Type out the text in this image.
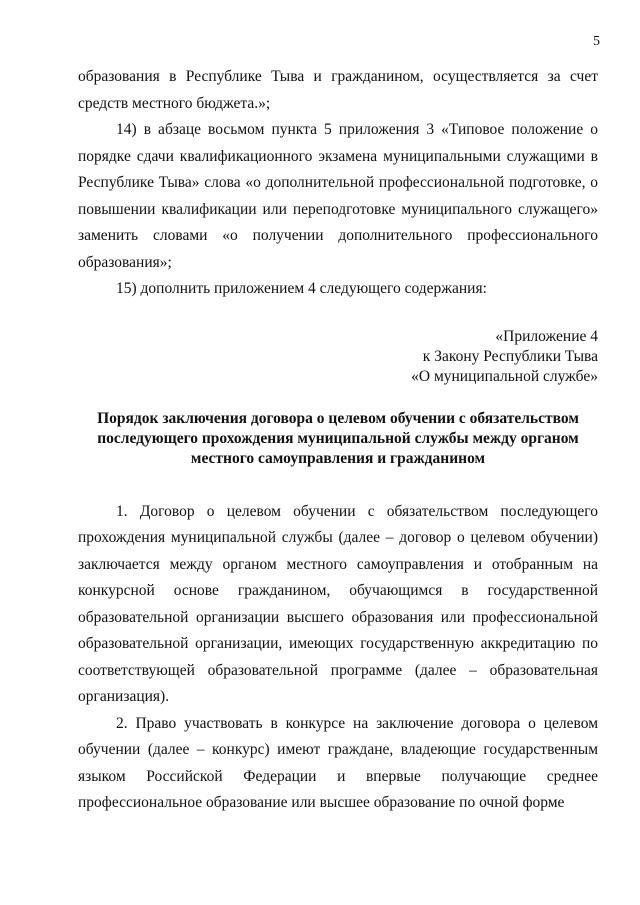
5

образования в Республике Тыва и гражданином, осуществляется за счет средств местного бюджета.»;

14) в абзаце восьмом пункта 5 приложения 3 «Типовое положение о порядке сдачи квалификационного экзамена муниципальными служащими в Республике Тыва» слова «о дополнительной профессиональной подготовке, о повышении квалификации или переподготовке муниципального служащего» заменить словами «о получении дополнительного профессионального образования»;

15) дополнить приложением 4 следующего содержания:

«Приложение 4
к Закону Республики Тыва
«О муниципальной службе»
Порядок заключения договора о целевом обучении с обязательством
последующего прохождения муниципальной службы между органом
местного самоуправления и гражданином

1. Договор о целевом обучении с обязательством последующего прохождения муниципальной службы (далее – договор о целевом обучении) заключается между органом местного самоуправления и отобранным на конкурсной основе гражданином, обучающимся в государственной образовательной организации высшего образования или профессиональной образовательной организации, имеющих государственную аккредитацию по соответствующей образовательной программе (далее – образовательная организация).

2. Право участвовать в конкурсе на заключение договора о целевом обучении (далее – конкурс) имеют граждане, владеющие государственным языком Российской Федерации и впервые получающие среднее профессиональное образование или высшее образование по очной форме
